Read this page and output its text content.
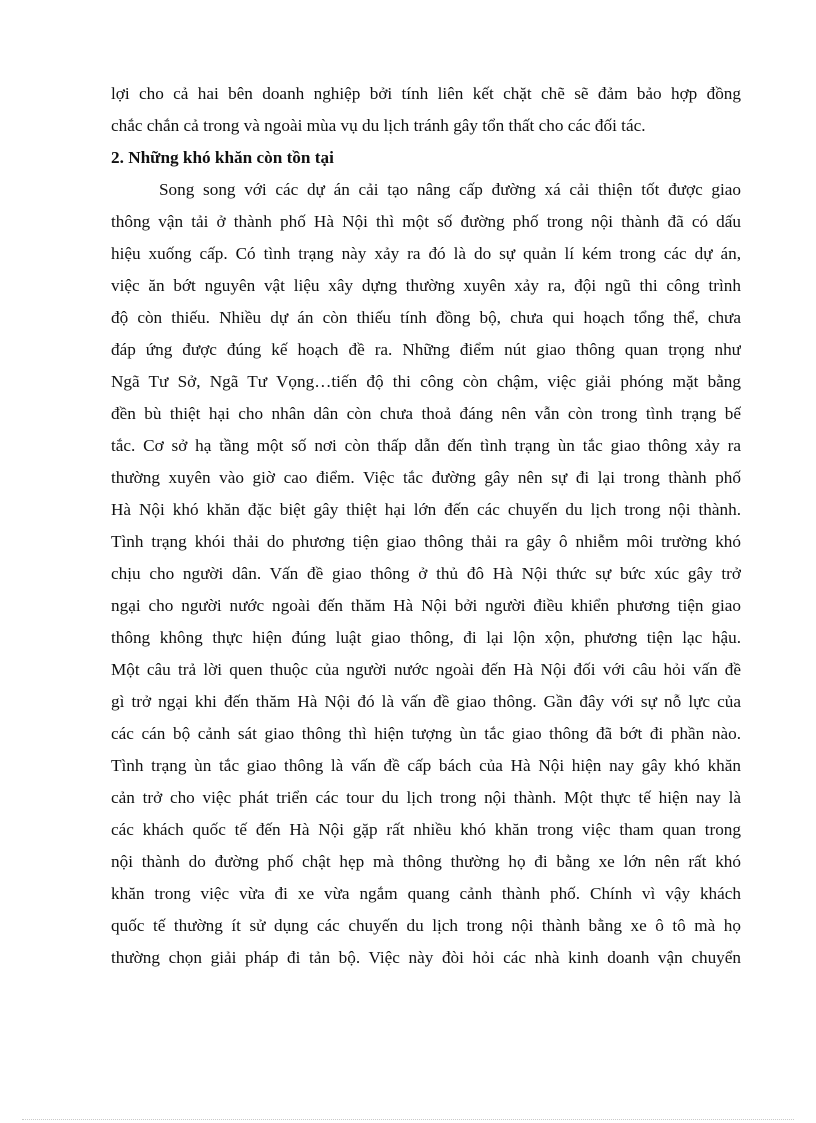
lợi cho cả hai bên doanh nghiệp bởi tính liên kết chặt chẽ sẽ đảm bảo hợp đồng
chắc chắn cả trong và ngoài mùa vụ du lịch tránh gây tổn thất cho các đối tác.
2. Những khó khăn còn tồn tại
Song song với các dự án cải tạo nâng cấp đường xá cải thiện tốt được giao
thông vận tải ở thành phố Hà Nội thì một số đường phố trong nội thành đã có dấu
hiệu xuống cấp. Có tình trạng này xảy ra đó là do sự quản lí kém trong các dự án,
việc ăn bớt nguyên vật liệu xây dựng thường xuyên xảy ra, đội ngũ thi công trình
độ còn thiếu. Nhiều dự án còn thiếu tính đồng bộ, chưa qui hoạch tổng thể, chưa
đáp ứng được đúng kế hoạch đề ra. Những điểm nút giao thông quan trọng như
Ngã Tư Sở, Ngã Tư Vọng…tiến độ thi công còn chậm, việc giải phóng mặt bằng
đền bù thiệt hại cho nhân dân còn chưa thoả đáng nên vẫn còn trong tình trạng bế
tắc. Cơ sở hạ tầng một số nơi còn thấp dẫn đến tình trạng ùn tắc giao thông xảy ra
thường xuyên vào giờ cao điểm. Việc tắc đường gây nên sự đi lại trong thành phố
Hà Nội khó khăn đặc biệt gây thiệt hại lớn đến các chuyến du lịch trong nội thành.
Tình trạng khói thải do phương tiện giao thông thải ra gây ô nhiễm môi trường khó
chịu cho người dân. Vấn đề giao thông ở thủ đô Hà Nội thức sự bức xúc gây trở
ngại cho người nước ngoài đến thăm Hà Nội bởi người điều khiển phương tiện giao
thông không thực hiện đúng luật giao thông, đi lại lộn xộn, phương tiện lạc hậu.
Một câu trả lời quen thuộc của người nước ngoài đến Hà Nội đối với câu hỏi vấn đề
gì trở ngại khi đến thăm Hà Nội đó là vấn đề giao thông. Gần đây với sự nỗ lực của
các cán bộ cảnh sát giao thông thì hiện tượng ùn tắc giao thông đã bớt đi phần nào.
Tình trạng ùn tắc giao thông là vấn đề cấp bách của Hà Nội hiện nay gây khó khăn
cản trở cho việc phát triển các tour du lịch trong nội thành. Một thực tế hiện nay là
các khách quốc tế đến Hà Nội gặp rất nhiều khó khăn trong việc tham quan trong
nội thành do đường phố chật hẹp mà thông thường họ đi bằng xe lớn nên rất khó
khăn trong việc vừa đi xe vừa ngắm quang cảnh thành phố. Chính vì vậy khách
quốc tế thường ít sử dụng các chuyến du lịch trong nội thành bằng xe ô tô mà họ
thường chọn giải pháp đi tản bộ. Việc này đòi hỏi các nhà kinh doanh vận chuyển
